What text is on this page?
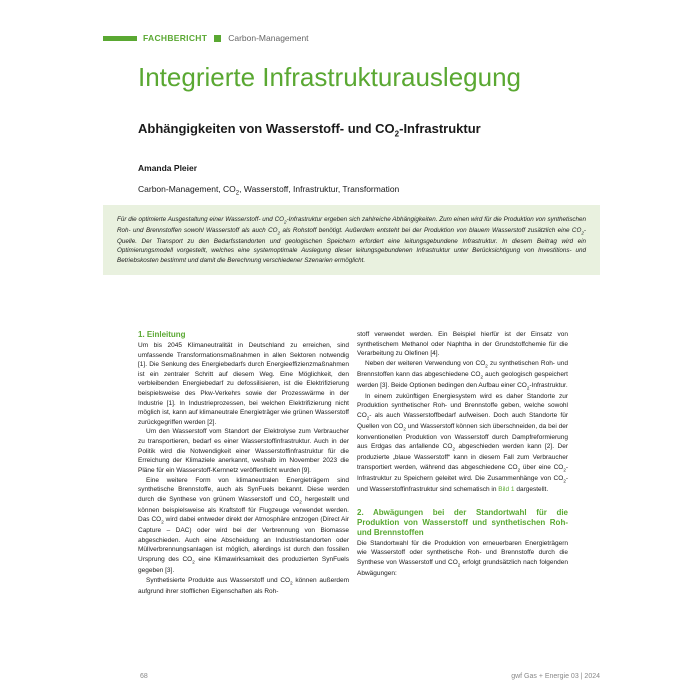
FACHBERICHT Carbon-Management
Integrierte Infrastrukturauslegung
Abhängigkeiten von Wasserstoff- und $CO_2$-Infrastruktur
Amanda Pleier
Carbon-Management, $CO_2$, Wasserstoff, Infrastruktur, Transformation

Für die optimierte Ausgestaltung einer Wasserstoff- und $CO_2$-Infrastruktur ergeben sich zahlreiche Abhängigkeiten. Zum einen wird für die Produktion von synthetischen Roh- und Brennstoffen sowohl Wasserstoff als auch $CO_2$ als Rohstoff benötigt. Außerdem entsteht bei der Produktion von blauem Wasserstoff zusätzlich eine $CO_2$-Quelle. Der Transport zu den Bedarfsstandorten und geologischen Speichern erfordert eine leitungsgebundene Infrastruktur. In diesem Beitrag wird ein Optimierungsmodell vorgestellt, welches eine systemoptimale Auslegung dieser leitungsgebundenen Infrastruktur unter Berücksichtigung von Investitions- und Betriebskosten bestimmt und damit die Berechnung verschiedener Szenarien ermöglicht.

1. Einleitung

Um bis 2045 Klimaneutralität in Deutschland zu erreichen, sind umfassende Transformationsmaßnahmen in allen Sektoren notwendig [1]. Die Senkung des Energiebedarfs durch Energieeffizienzmaßnahmen ist ein zentraler Schritt auf diesem Weg. Eine Möglichkeit, den verbleibenden Energiebedarf zu defossilisieren, ist die Elektrifizierung beispielsweise des Pkw-Verkehrs sowie der Prozesswärme in der Industrie [1]. In Industrieprozessen, bei welchen Elektrifizierung nicht möglich ist, kann auf klimaneutrale Energieträger wie grünen Wasserstoff zurückgegriffen werden [2].

Um den Wasserstoff vom Standort der Elektrolyse zum Verbraucher zu transportieren, bedarf es einer Wasserstoffinfrastruktur. Auch in der Politik wird die Notwendigkeit einer Wasserstoffinfrastruktur für die Erreichung der Klimaziele anerkannt, weshalb im November 2023 die Pläne für ein Wasserstoff-Kernnetz veröffentlicht wurden [9].

Eine weitere Form von klimaneutralen Energieträgern sind synthetische Brennstoffe, auch als SynFuels bekannt. Diese werden durch die Synthese von grünem Wasserstoff und $CO_2$ hergestellt und können beispielsweise als Kraftstoff für Flugzeuge verwendet werden. Das $CO_2$ wird dabei entweder direkt der Atmosphäre entzogen (Direct Air Capture – DAC) oder wird bei der Verbrennung von Biomasse abgeschieden. Auch eine Abscheidung an Industriestandorten oder Müllverbrennungsanlagen ist möglich, allerdings ist durch den fossilen Ursprung des $CO_2$ eine Klimawirksamkeit des produzierten SynFuels gegeben [3].

Synthetisierte Produkte aus Wasserstoff und $CO_2$ können außerdem aufgrund ihrer stofflichen Eigenschaften als Roh-

stoff verwendet werden. Ein Beispiel hierfür ist der Einsatz von synthetischem Methanol oder Naphtha in der Grundstoffchemie für die Verarbeitung zu Olefinen [4].

Neben der weiteren Verwendung von $CO_2$ zu synthetischen Roh- und Brennstoffen kann das abgeschiedene $CO_2$ auch geologisch gespeichert werden [3]. Beide Optionen bedingen den Aufbau einer $CO_2$-Infrastruktur.

In einem zukünftigen Energiesystem wird es daher Standorte zur Produktion synthetischer Roh- und Brennstoffe geben, welche sowohl $CO_2-$ als auch Wasserstoffbedarf aufweisen. Doch auch Standorte für Quellen von $CO_2$ und Wasserstoff können sich überschneiden, da bei der konventionellen Produktion von Wasserstoff durch Dampfreformierung aus Erdgas das anfallende $CO_2$ abgeschieden werden kann [2]. Der produzierte „blaue Wasserstoff“ kann in diesem Fall zum Verbraucher transportiert werden, während das abgeschiedene $CO_2$ über eine $CO_2$-Infrastruktur zu Speichern geleitet wird. Die Zusammenhänge von $CO_2-$ und Wasserstoffinfrastruktur sind schematisch in Bild 1 dargestellt.

2. Abwägungen bei der Standortwahl für die Produktion von Wasserstoff und synthetischen Roh- und Brennstoffen

Die Standortwahl für die Produktion von erneuerbaren Energieträgern wie Wasserstoff oder synthetische Roh- und Brennstoffe durch die Synthese von Wasserstoff und $CO_2$ erfolgt grundsätzlich nach folgenden Abwägungen:

68	gwf Gas + Energie 03 | 2024
